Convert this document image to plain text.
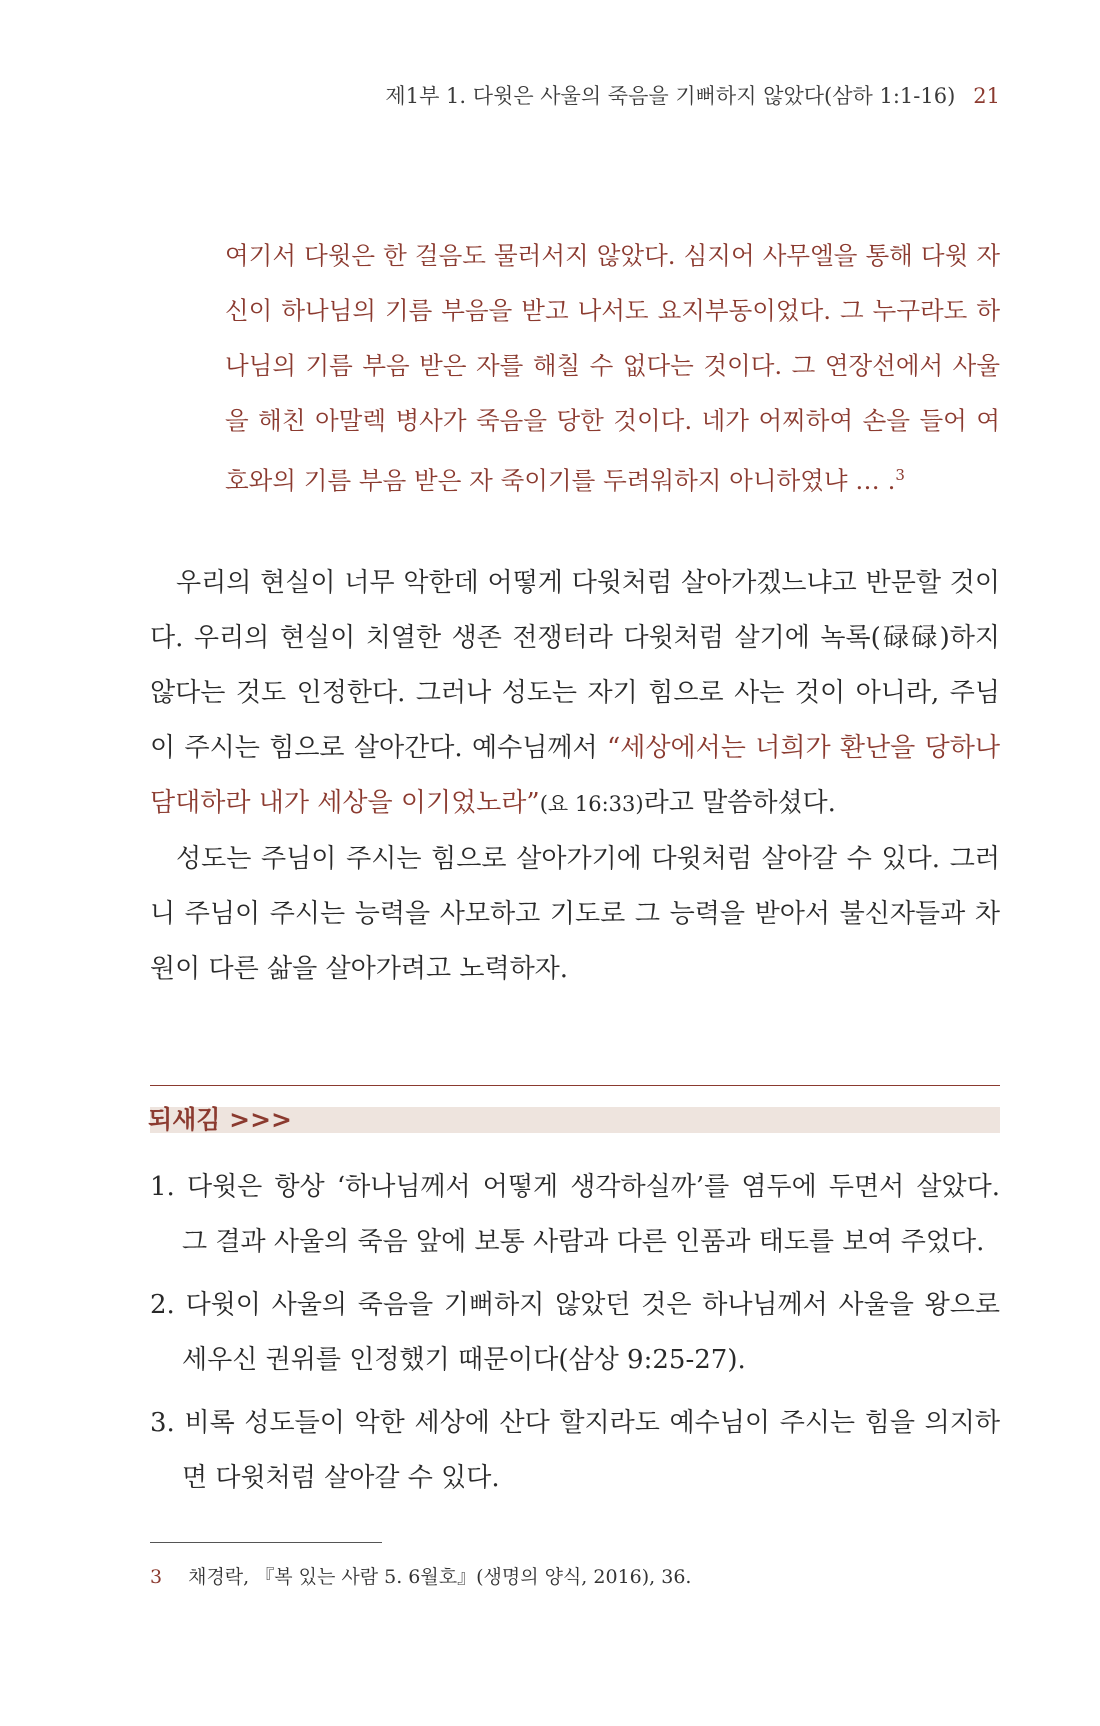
제1부 1. 다윗은 사울의 죽음을 기뻐하지 않았다(삼하 1:1-16) 21
여기서 다윗은 한 걸음도 물러서지 않았다. 심지어 사무엘을 통해 다윗 자신이 하나님의 기름 부음을 받고 나서도 요지부동이었다. 그 누구라도 하나님의 기름 부음 받은 자를 해칠 수 없다는 것이다. 그 연장선에서 사울을 해친 아말렉 병사가 죽음을 당한 것이다. 네가 어찌하여 손을 들어 여호와의 기름 부음 받은 자 죽이기를 두려워하지 아니하였냐 … .$^3$

우리의 현실이 너무 악한데 어떻게 다윗처럼 살아가겠느냐고 반문할 것이다. 우리의 현실이 치열한 생존 전쟁터라 다윗처럼 살기에 녹록(碌碌)하지 않다는 것도 인정한다. 그러나 성도는 자기 힘으로 사는 것이 아니라, 주님이 주시는 힘으로 살아간다. 예수님께서 “세상에서는 너희가 환난을 당하나 담대하라 내가 세상을 이기었노라”(요 16:33)라고 말씀하셨다.

성도는 주님이 주시는 힘으로 살아가기에 다윗처럼 살아갈 수 있다. 그러니 주님이 주시는 능력을 사모하고 기도로 그 능력을 받아서 불신자들과 차원이 다른 삶을 살아가려고 노력하자.

되새김 >>>
1. 다윗은 항상 ‘하나님께서 어떻게 생각하실까’를 염두에 두면서 살았다. 그 결과 사울의 죽음 앞에 보통 사람과 다른 인품과 태도를 보여 주었다.
2. 다윗이 사울의 죽음을 기뻐하지 않았던 것은 하나님께서 사울을 왕으로 세우신 권위를 인정했기 때문이다(삼상 9:25-27).
3. 비록 성도들이 악한 세상에 산다 할지라도 예수님이 주시는 힘을 의지하면 다윗처럼 살아갈 수 있다.
3 채경락, 『복 있는 사람 5. 6월호』(생명의 양식, 2016), 36.
